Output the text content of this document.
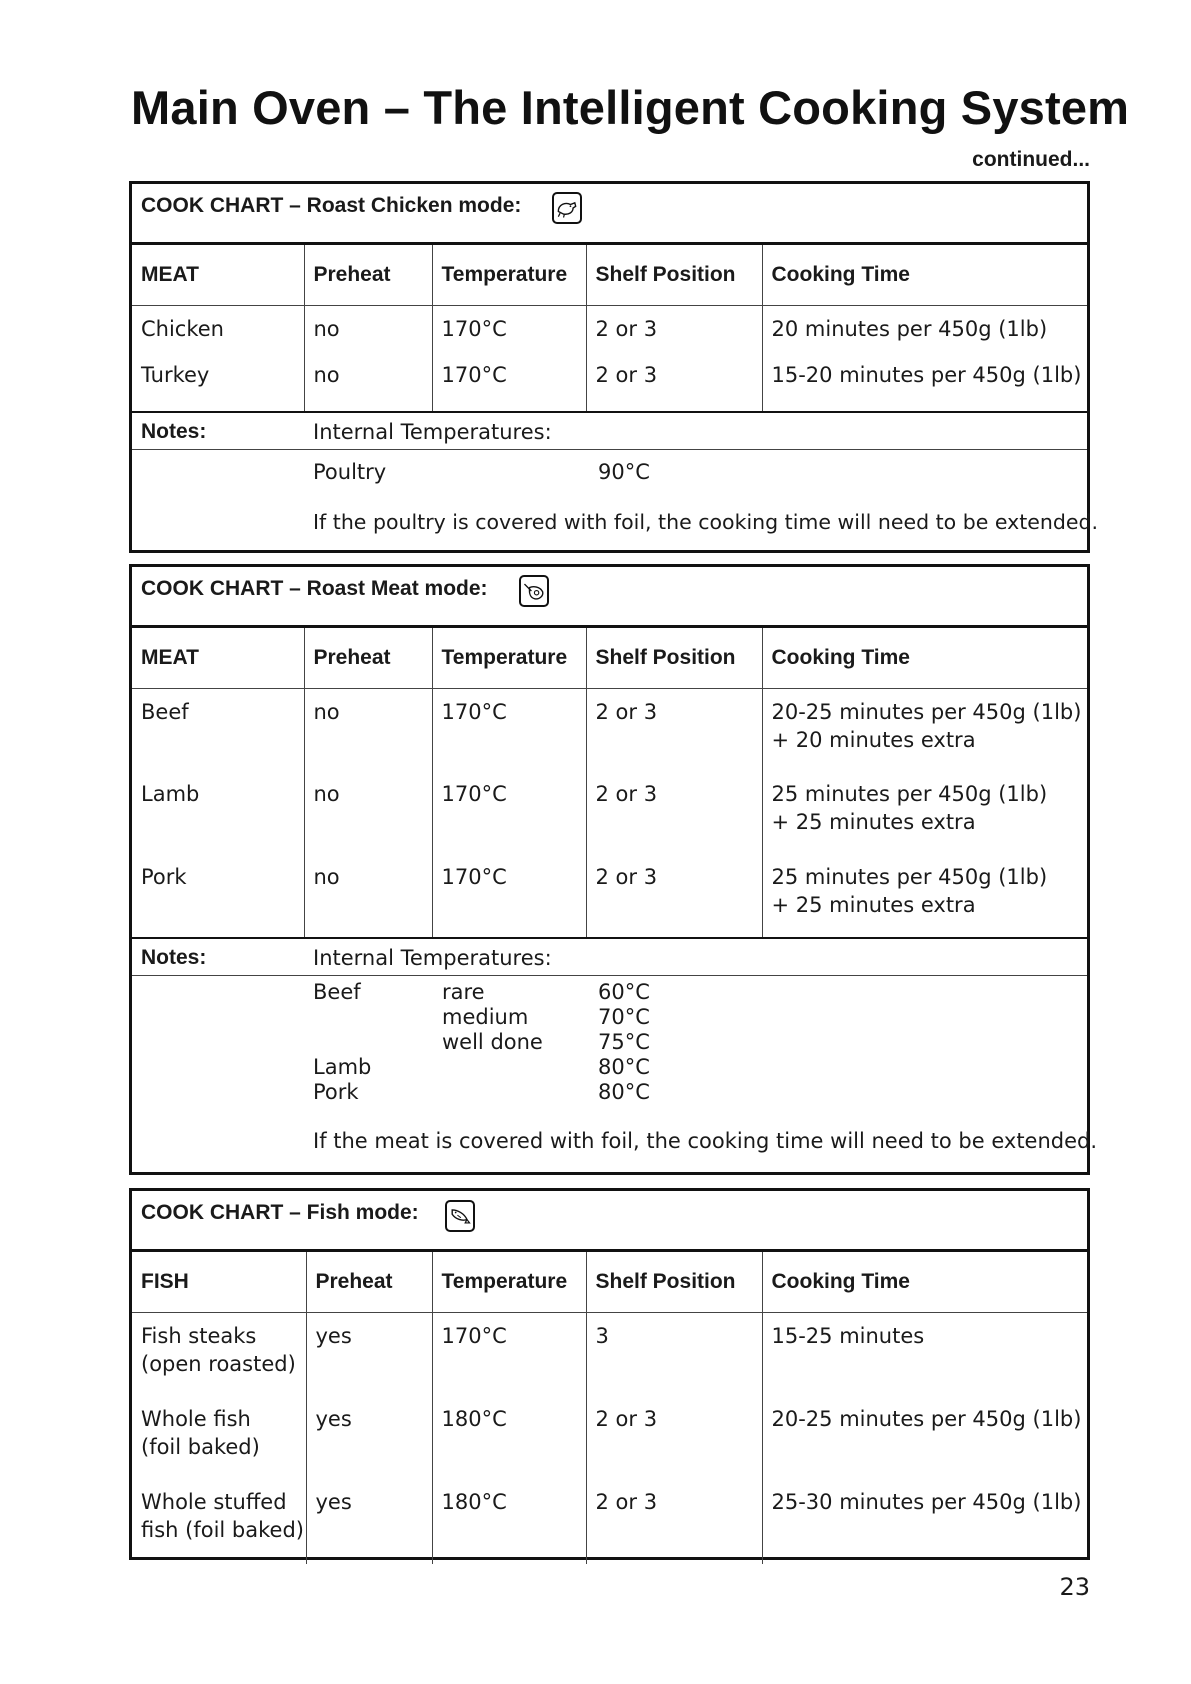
Main Oven – The Intelligent Cooking System
continued...
COOK CHART – Roast Chicken mode:
MEAT	Preheat	Temperature	Shelf Position	Cooking Time
Chicken	no	170°C	2 or 3	20 minutes per 450g (1lb)
Turkey	no	170°C	2 or 3	15-20 minutes per 450g (1lb)
Notes:	Internal Temperatures:
Poultry	90°C
If the poultry is covered with foil, the cooking time will need to be extended.
COOK CHART – Roast Meat mode:
MEAT	Preheat	Temperature	Shelf Position	Cooking Time
Beef	no	170°C	2 or 3	20-25 minutes per 450g (1lb)
+ 20 minutes extra

Lamb	no	170°C	2 or 3	25 minutes per 450g (1lb)
+ 25 minutes extra

Pork	no	170°C	2 or 3	25 minutes per 450g (1lb)
+ 25 minutes extra
Notes:	Internal Temperatures:
Beef	rare	60°C
medium	70°C
well done	75°C
Lamb	80°C
Pork	80°C
If the meat is covered with foil, the cooking time will need to be extended.
COOK CHART – Fish mode:
FISH	Preheat	Temperature	Shelf Position	Cooking Time

Fish steaks
(open roasted)	yes	170°C	3	15-25 minutes

Whole fish
(foil baked)	yes	180°C	2 or 3	20-25 minutes per 450g (1lb)

Whole stuffed
fish (foil baked)	yes	180°C	2 or 3	25-30 minutes per 450g (1lb)
23
